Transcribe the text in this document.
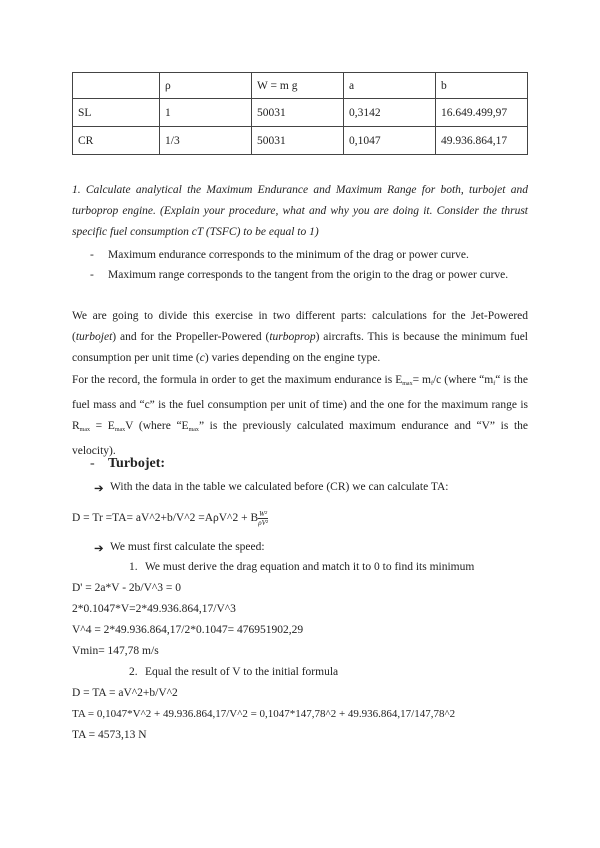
	ρ	W = m g	a	b
SL	1	50031	0,3142	16.649.499,97
CR	1/3	50031	0,1047	49.936.864,17
1. Calculate analytical the Maximum Endurance and Maximum Range for both, turbojet and turboprop engine. (Explain your procedure, what and why you are doing it. Consider the thrust specific fuel consumption cT (TSFC) to be equal to 1)
- Maximum endurance corresponds to the minimum of the drag or power curve.
- Maximum range corresponds to the tangent from the origin to the drag or power curve.
We are going to divide this exercise in two different parts: calculations for the Jet-Powered (turbojet) and for the Propeller-Powered (turboprop) aircrafts. This is because the minimum fuel consumption per unit time (c) varies depending on the engine type.
For the record, the formula in order to get the maximum endurance is $E_{max}= m_f/c$ (where “$m_f“$ is the fuel mass and “c” is the fuel consumption per unit of time) and the one for the maximum range is $R_{max} = E_{max}V$ (where “$E_{max}$” is the previously calculated maximum endurance and “V” is the velocity).
- Turbojet:
➔ With the data in the table we calculated before (CR) we can calculate TA:
D = Tr =TA= aV^2+b/V^2 =AρV^2 + B $\frac{\text{W²}}{\text{ρV²}}$
➔ We must first calculate the speed:
1. We must derive the drag equation and match it to 0 to find its minimum
D' = 2a*V - 2b/V^3 = 0
2*0.1047*V=2*49.936.864,17/V^3
V^4 = 2*49.936.864,17/2*0.1047= 476951902,29
Vmin= 147,78 m/s
2. Equal the result of V to the initial formula
D = TA = aV^2+b/V^2
TA = 0,1047*V^2 + 49.936.864,17/V^2 = 0,1047*147,78^2 + 49.936.864,17/147,78^2
TA = 4573,13 N
